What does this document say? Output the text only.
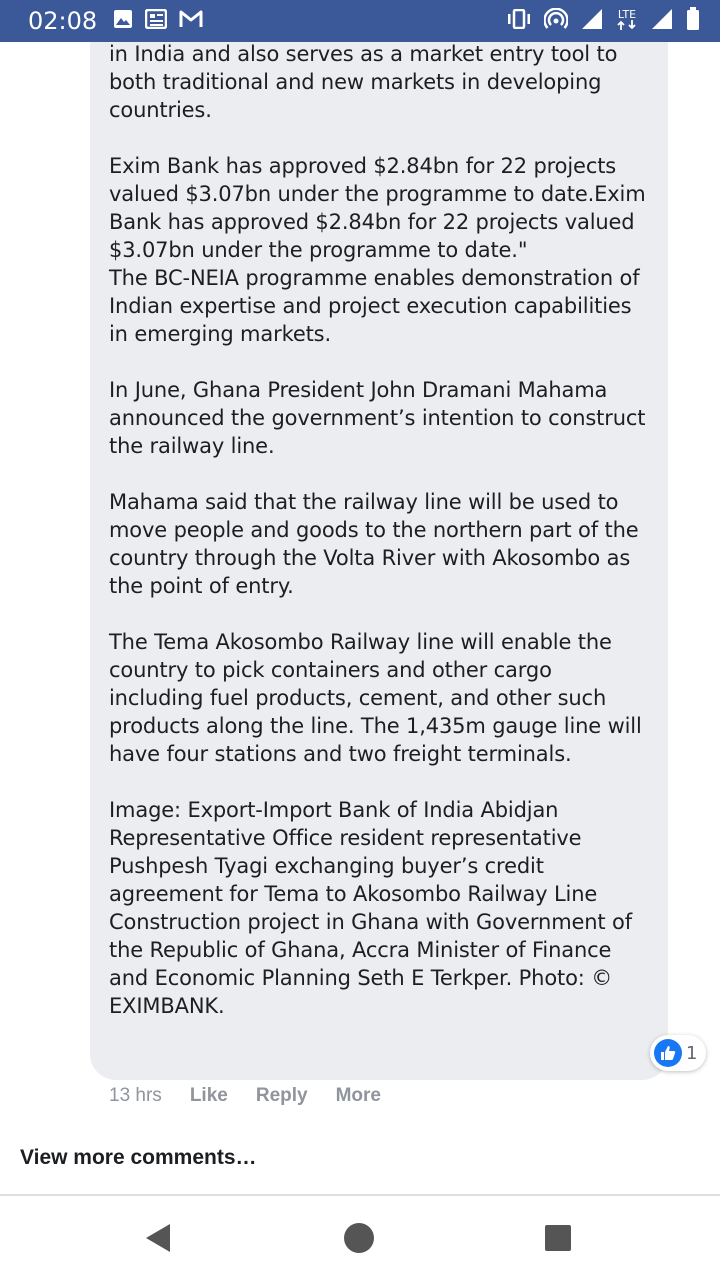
02:08	LTE

in India and also serves as a market entry tool to both traditional and new markets in developing countries.

Exim Bank has approved $2.84bn for 22 projects valued $3.07bn under the programme to date.Exim Bank has approved $2.84bn for 22 projects valued $3.07bn under the programme to date."
The BC-NEIA programme enables demonstration of Indian expertise and project execution capabilities in emerging markets.

In June, Ghana President John Dramani Mahama announced the government’s intention to construct the railway line.

Mahama said that the railway line will be used to move people and goods to the northern part of the country through the Volta River with Akosombo as the point of entry.

The Tema Akosombo Railway line will enable the country to pick containers and other cargo including fuel products, cement, and other such products along the line. The 1,435m gauge line will have four stations and two freight terminals.

Image: Export-Import Bank of India Abidjan Representative Office resident representative Pushpesh Tyagi exchanging buyer’s credit agreement for Tema to Akosombo Railway Line Construction project in Ghana with Government of the Republic of Ghana, Accra Minister of Finance and Economic Planning Seth E Terkper. Photo: © EXIMBANK.
1
13 hrs Like Reply More
View more comments…
